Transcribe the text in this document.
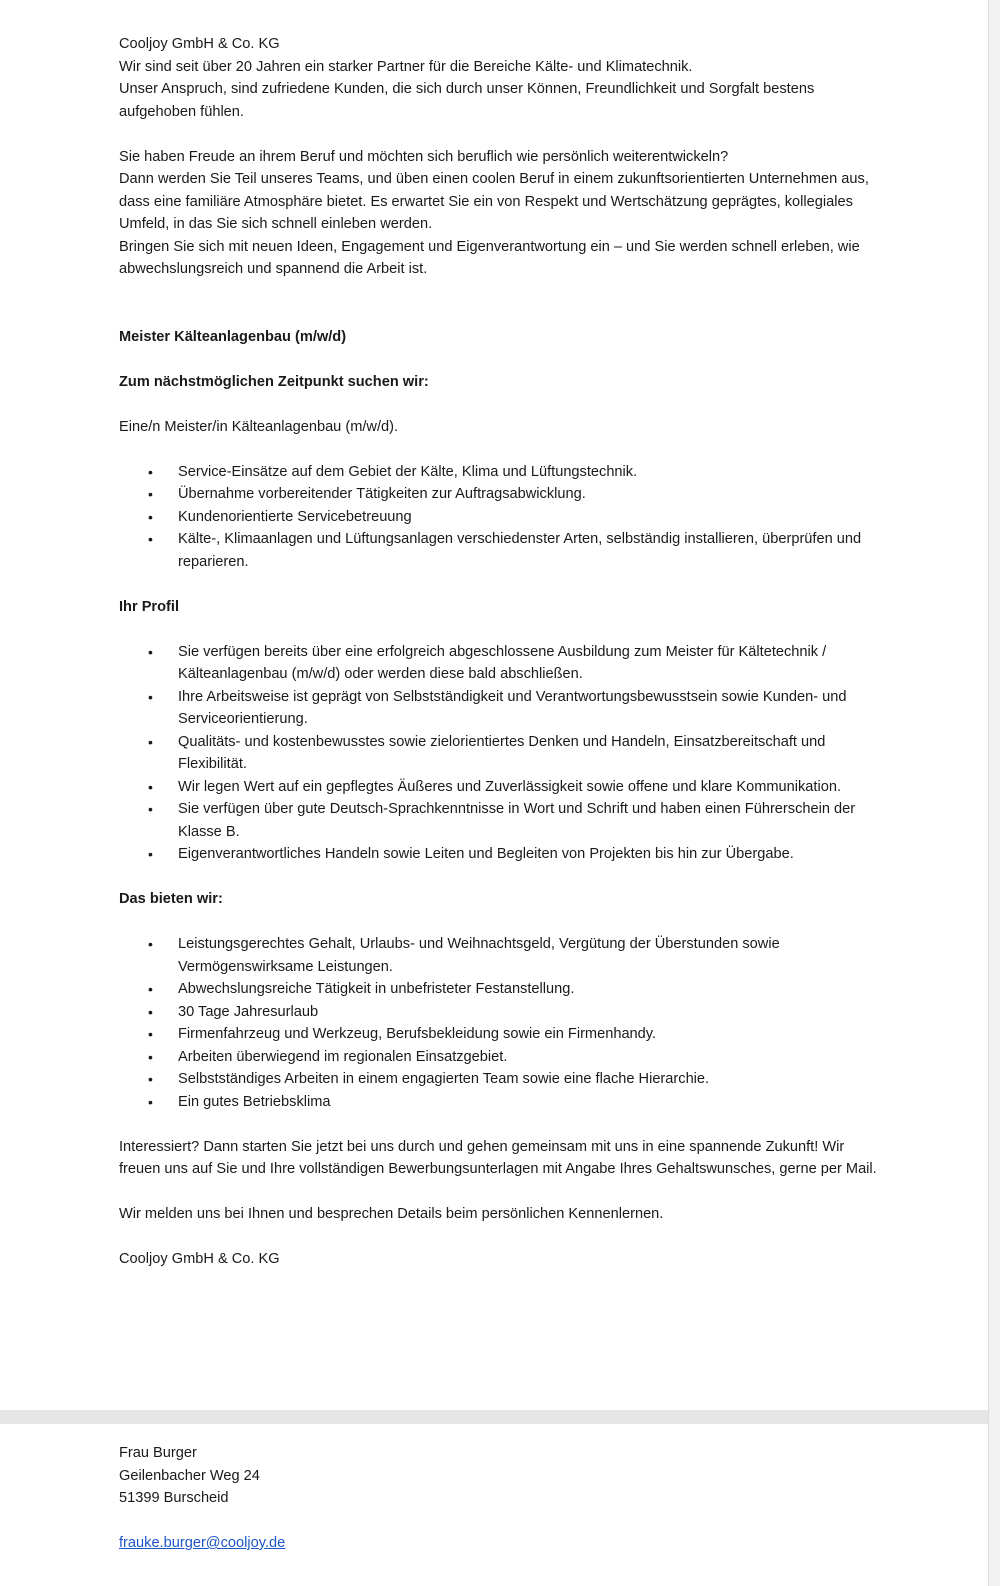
Cooljoy GmbH & Co. KG

Wir sind seit über 20 Jahren ein starker Partner für die Bereiche Kälte- und Klimatechnik.

Unser Anspruch, sind zufriedene Kunden, die sich durch unser Können, Freundlichkeit und Sorgfalt bestens aufgehoben fühlen.

Sie haben Freude an ihrem Beruf und möchten sich beruflich wie persönlich weiterentwickeln?

Dann werden Sie Teil unseres Teams, und üben einen coolen Beruf in einem zukunftsorientierten Unternehmen aus, dass eine familiäre Atmosphäre bietet. Es erwartet Sie ein von Respekt und Wertschätzung geprägtes, kollegiales Umfeld, in das Sie sich schnell einleben werden.

Bringen Sie sich mit neuen Ideen, Engagement und Eigenverantwortung ein – und Sie werden schnell erleben, wie abwechslungsreich und spannend die Arbeit ist.

Meister Kälteanlagenbau (m/w/d)

Zum nächstmöglichen Zeitpunkt suchen wir:

Eine/n Meister/in Kälteanlagenbau (m/w/d).

• Service-Einsätze auf dem Gebiet der Kälte, Klima und Lüftungstechnik.
• Übernahme vorbereitender Tätigkeiten zur Auftragsabwicklung.
• Kundenorientierte Servicebetreuung
• Kälte-, Klimaanlagen und Lüftungsanlagen verschiedenster Arten, selbständig installieren, überprüfen und reparieren.

Ihr Profil

• Sie verfügen bereits über eine erfolgreich abgeschlossene Ausbildung zum Meister für Kältetechnik / Kälteanlagenbau (m/w/d) oder werden diese bald abschließen.
• Ihre Arbeitsweise ist geprägt von Selbstständigkeit und Verantwortungsbewusstsein sowie Kunden- und Serviceorientierung.
• Qualitäts- und kostenbewusstes sowie zielorientiertes Denken und Handeln, Einsatzbereitschaft und Flexibilität.
• Wir legen Wert auf ein gepflegtes Äußeres und Zuverlässigkeit sowie offene und klare Kommunikation.
• Sie verfügen über gute Deutsch-Sprachkenntnisse in Wort und Schrift und haben einen Führerschein der Klasse B.
• Eigenverantwortliches Handeln sowie Leiten und Begleiten von Projekten bis hin zur Übergabe.

Das bieten wir:

• Leistungsgerechtes Gehalt, Urlaubs- und Weihnachtsgeld, Vergütung der Überstunden sowie Vermögenswirksame Leistungen.
• Abwechslungsreiche Tätigkeit in unbefristeter Festanstellung.
• 30 Tage Jahresurlaub
• Firmenfahrzeug und Werkzeug, Berufsbekleidung sowie ein Firmenhandy.
• Arbeiten überwiegend im regionalen Einsatzgebiet.
• Selbstständiges Arbeiten in einem engagierten Team sowie eine flache Hierarchie.
• Ein gutes Betriebsklima

Interessiert? Dann starten Sie jetzt bei uns durch und gehen gemeinsam mit uns in eine spannende Zukunft! Wir freuen uns auf Sie und Ihre vollständigen Bewerbungsunterlagen mit Angabe Ihres Gehaltswunsches, gerne per Mail.

Wir melden uns bei Ihnen und besprechen Details beim persönlichen Kennenlernen.

Cooljoy GmbH & Co. KG

Frau Burger

Geilenbacher Weg 24

51399 Burscheid

frauke.burger@cooljoy.de
